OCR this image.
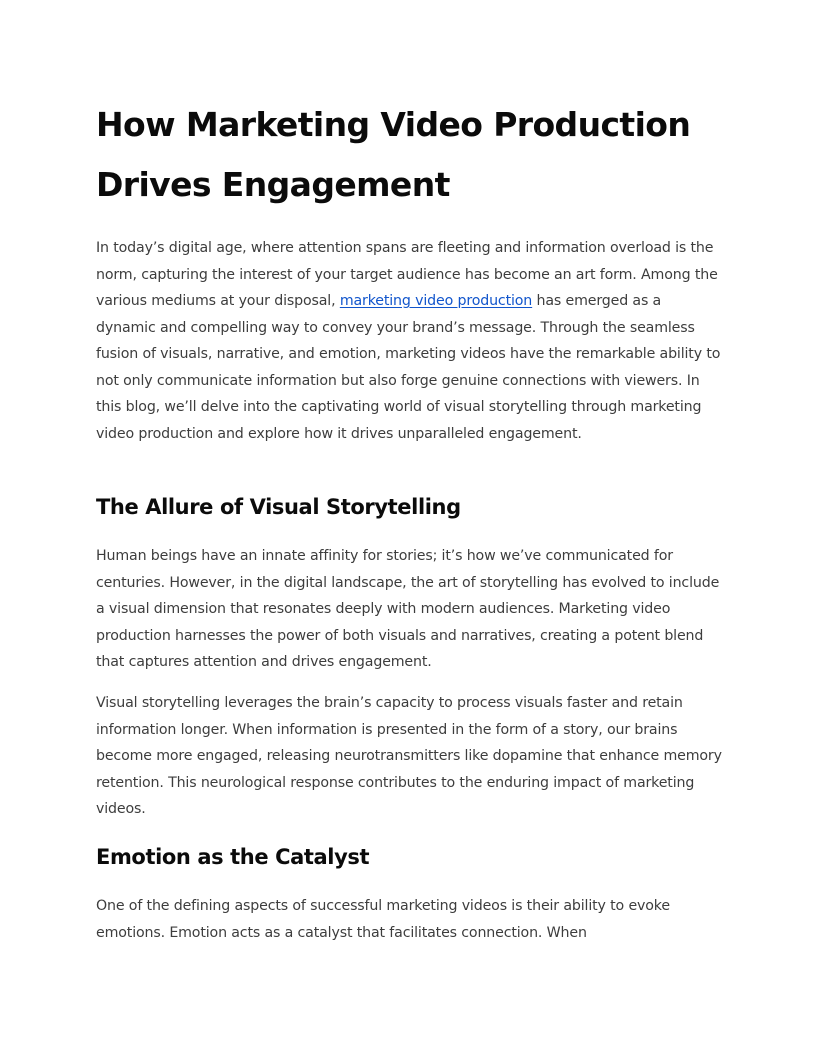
How Marketing Video Production Drives Engagement

In today’s digital age, where attention spans are fleeting and information overload is the norm, capturing the interest of your target audience has become an art form. Among the various mediums at your disposal, marketing video production has emerged as a dynamic and compelling way to convey your brand’s message. Through the seamless fusion of visuals, narrative, and emotion, marketing videos have the remarkable ability to not only communicate information but also forge genuine connections with viewers. In this blog, we’ll delve into the captivating world of visual storytelling through marketing video production and explore how it drives unparalleled engagement.

The Allure of Visual Storytelling

Human beings have an innate affinity for stories; it’s how we’ve communicated for centuries. However, in the digital landscape, the art of storytelling has evolved to include a visual dimension that resonates deeply with modern audiences. Marketing video production harnesses the power of both visuals and narratives, creating a potent blend that captures attention and drives engagement.

Visual storytelling leverages the brain’s capacity to process visuals faster and retain information longer. When information is presented in the form of a story, our brains become more engaged, releasing neurotransmitters like dopamine that enhance memory retention. This neurological response contributes to the enduring impact of marketing videos.

Emotion as the Catalyst

One of the defining aspects of successful marketing videos is their ability to evoke emotions. Emotion acts as a catalyst that facilitates connection. When
